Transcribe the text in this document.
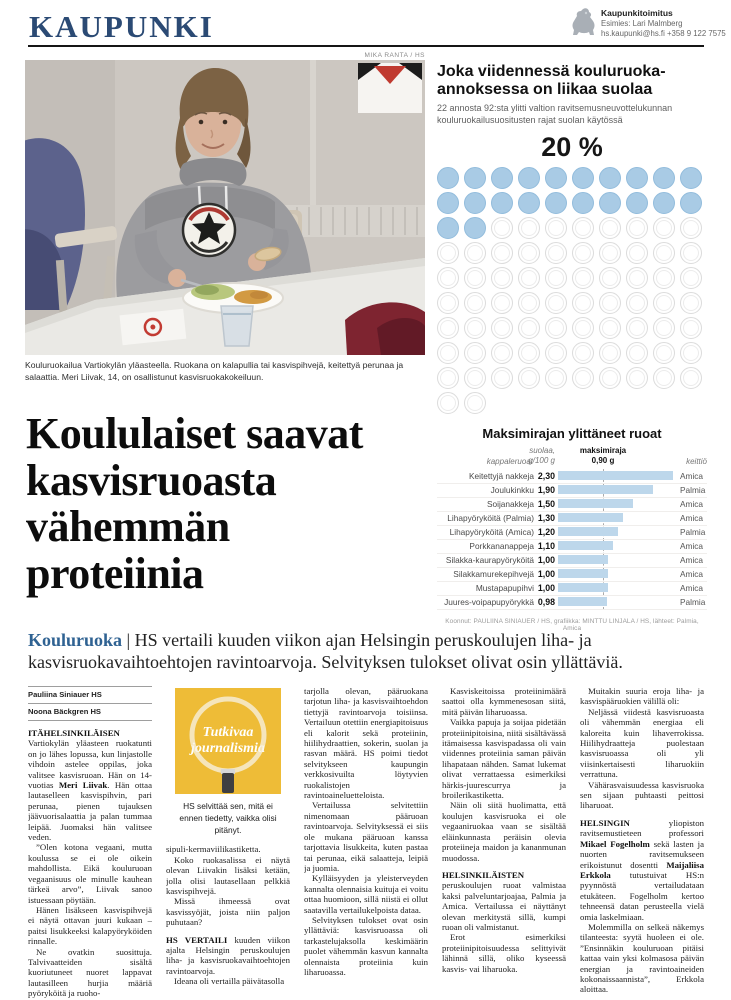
KAUPUNKI	Kaupunkitoimitus
Esimies: Lari Malmberg
hs.kaupunki@hs.fi +358 9 122 7575
MIKA RANTA / HS
Kouluruokailua Vartiokylän yläasteella. Ruokana on kalapullia tai kasvispihvejä, keitettyä perunaa ja salaattia. Meri Liivak, 14, on osallistunut kasvisruokakokeiluun.
Joka viidennessä kouluruoka-annoksessa on liikaa suolaa
22 annosta 92:sta ylitti valtion ravitsemusneuvottelukunnan kouluruokailusuositusten rajat suolan käytössä
20 %
Maksimirajan ylittäneet ruoat
kappaleruoat
suolaa,
g/100 g
maksimiraja
0,90 g	keittiö
Keitettyjä nakkeja 2,30	Amica
Joulukinkku 1,90	Palmia
Soijanakkeja 1,50	Amica
Lihapyöryköitä (Palmia) 1,30	Amica
Lihapyöryköitä (Amica) 1,20	Palmia
Porkkananappeja 1,10	Amica
Silakka-kaurapyöryköitä 1,00	Amica
Silakkamurekepihvejä 1,00	Amica
Mustapapupihvi 1,00	Amica
Juures-voipapupyörykkä 0,98	Palmia
Koonnut: PAULIINA SINIAUER / HS, grafiikka: MINTTU LINJALA / HS, lähteet: Palmia, Amica
Koululaiset saavat
kasvisruoasta
vähemmän
proteiinia
Kouluruoka | HS vertaili kuuden viikon ajan Helsingin peruskoulujen liha- ja kasvisruokavaihtoehtojen ravintoarvoja. Selvityksen tulokset olivat osin yllättäviä.
Pauliina Siniauer HS
Noona Bäckgren HS

ITÄHELSINKILÄISEN Vartiokylän yläasteen ruokatunti on jo lähes lopussa, kun linjastolle vihdoin astelee oppilas, joka valitsee kasvisruoan. Hän on 14-vuotias Meri Liivak. Hän ottaa lautaselleen kasvispihvin, pari perunaa, pienen tujauksen jäävuorisalaattia ja palan tummaa leipää. Juomaksi hän valitsee veden.

”Olen kotona vegaani, mutta koulussa se ei ole oikein mahdollista. Eikä kouluruoan vegaanisuus ole minulle kauhean tärkeä arvo”, Liivak sanoo istuessaan pöytään.

Hänen lisäkseen kasvispihvejä ei näytä ottavan juuri kukaan – paitsi lisukkeeksi kalapyöryköiden rinnalle.

Ne ovatkin suosittuja. Talvivaatteiden sisältä kuoriutuneet nuoret lappavat lautasilleen hurjia määriä pyöryköitä ja ruoho-

Tutkivaa
journalismia
HS selvittää sen, mitä ei ennen tiedetty, vaikka olisi pitänyt.

sipuli-kermaviilikastiketta.

Koko ruokasalissa ei näytä olevan Liivakin lisäksi ketään, jolla olisi lautasellaan pelkkiä kasvispihvejä.

Missä ihmeessä ovat kasvissyöjät, joista niin paljon puhutaan?

HS VERTAILI kuuden viikon ajalta Helsingin peruskoulujen liha- ja kasvisruokavaihtoehtojen ravintoarvoja.

Ideana oli vertailla päivätasolla

tarjolla olevan, pääruokana tarjotun liha- ja kasvisvaihtoehdon tiettyjä ravintoarvoja toisiinsa. Vertailuun otettiin energiapitoisuus eli kalorit sekä proteiinin, hiilihydraattien, sokerin, suolan ja rasvan määrä. HS poimi tiedot selvitykseen kaupungin verkkosivuilta löytyvien ruokalistojen ravintoaineluetteloista.

Vertailussa selvitettiin nimenomaan pääruoan ravintoarvoja. Selvityksessä ei siis ole mukana pääruoan kanssa tarjottavia lisukkeita, kuten pastaa tai perunaa, eikä salaatteja, leipiä ja juomia.

Kylläisyyden ja yleisterveyden kannalta olennaisia kuituja ei voitu ottaa huomioon, sillä niistä ei ollut saatavilla vertailukelpoista dataa.

Selvityksen tulokset ovat osin yllättäviä: kasvisruoassa oli tarkastelujaksolla keskimäärin puolet vähemmän kasvun kannalta olennaista proteiinia kuin liharuoassa.

Kasviskeitoissa proteiinimäärä saattoi olla kymmenesosan siitä, mitä päivän liharuoassa.

Vaikka papuja ja soijaa pidetään proteiinipitoisina, niitä sisältävässä itämaisessa kasvispadassa oli vain viidennes proteiinia saman päivän lihapataan nähden. Samat lukemat olivat verrattaessa esimerkiksi härkis-juurescurrya ja broilerikastiketta.

Näin oli siitä huolimatta, että koulujen kasvisruoka ei ole vegaaniruokaa vaan se sisältää eläinkunnasta peräisin olevia proteiineja maidon ja kananmunan muodossa.

HELSINKILÄISTEN peruskoulujen ruoat valmistaa kaksi palveluntarjoajaa, Palmia ja Amica. Vertailussa ei näyttänyt olevan merkitystä sillä, kumpi ruoan oli valmistanut.

Erot esimerkiksi proteiinipitoisuudessa selittyivät lähinnä sillä, oliko kyseessä kasvis- vai liharuoka.

Muitakin suuria eroja liha- ja kasvispääruokien välillä oli:

Neljässä viidestä kasvisruoasta oli vähemmän energiaa eli kaloreita kuin lihaverrokissa. Hiilihydraatteja puolestaan kasvisruoassa oli yli viisinkertaisesti liharuokiin verrattuna.

Vähärasvaisuudessa kasvisruoka sen sijaan puhtaasti peittosi liharuoat.

HELSINGIN yliopiston ravitsemustieteen professori Mikael Fogelholm sekä lasten ja nuorten ravitsemukseen erikoistunut dosentti Maijaliisa Erkkola tutustuivat HS:n pyynnöstä vertailudataan etukäteen. Fogelholm kertoo tehneensä datan perusteella vielä omia laskelmiaan.

Molemmilla on selkeä näkemys tilanteesta: syytä huoleen ei ole. ”Ensinnäkin kouluruoan pitäisi kattaa vain yksi kolmasosa päivän energian ja ravintoaineiden kokonaissaannista”, Erkkola aloittaa.
